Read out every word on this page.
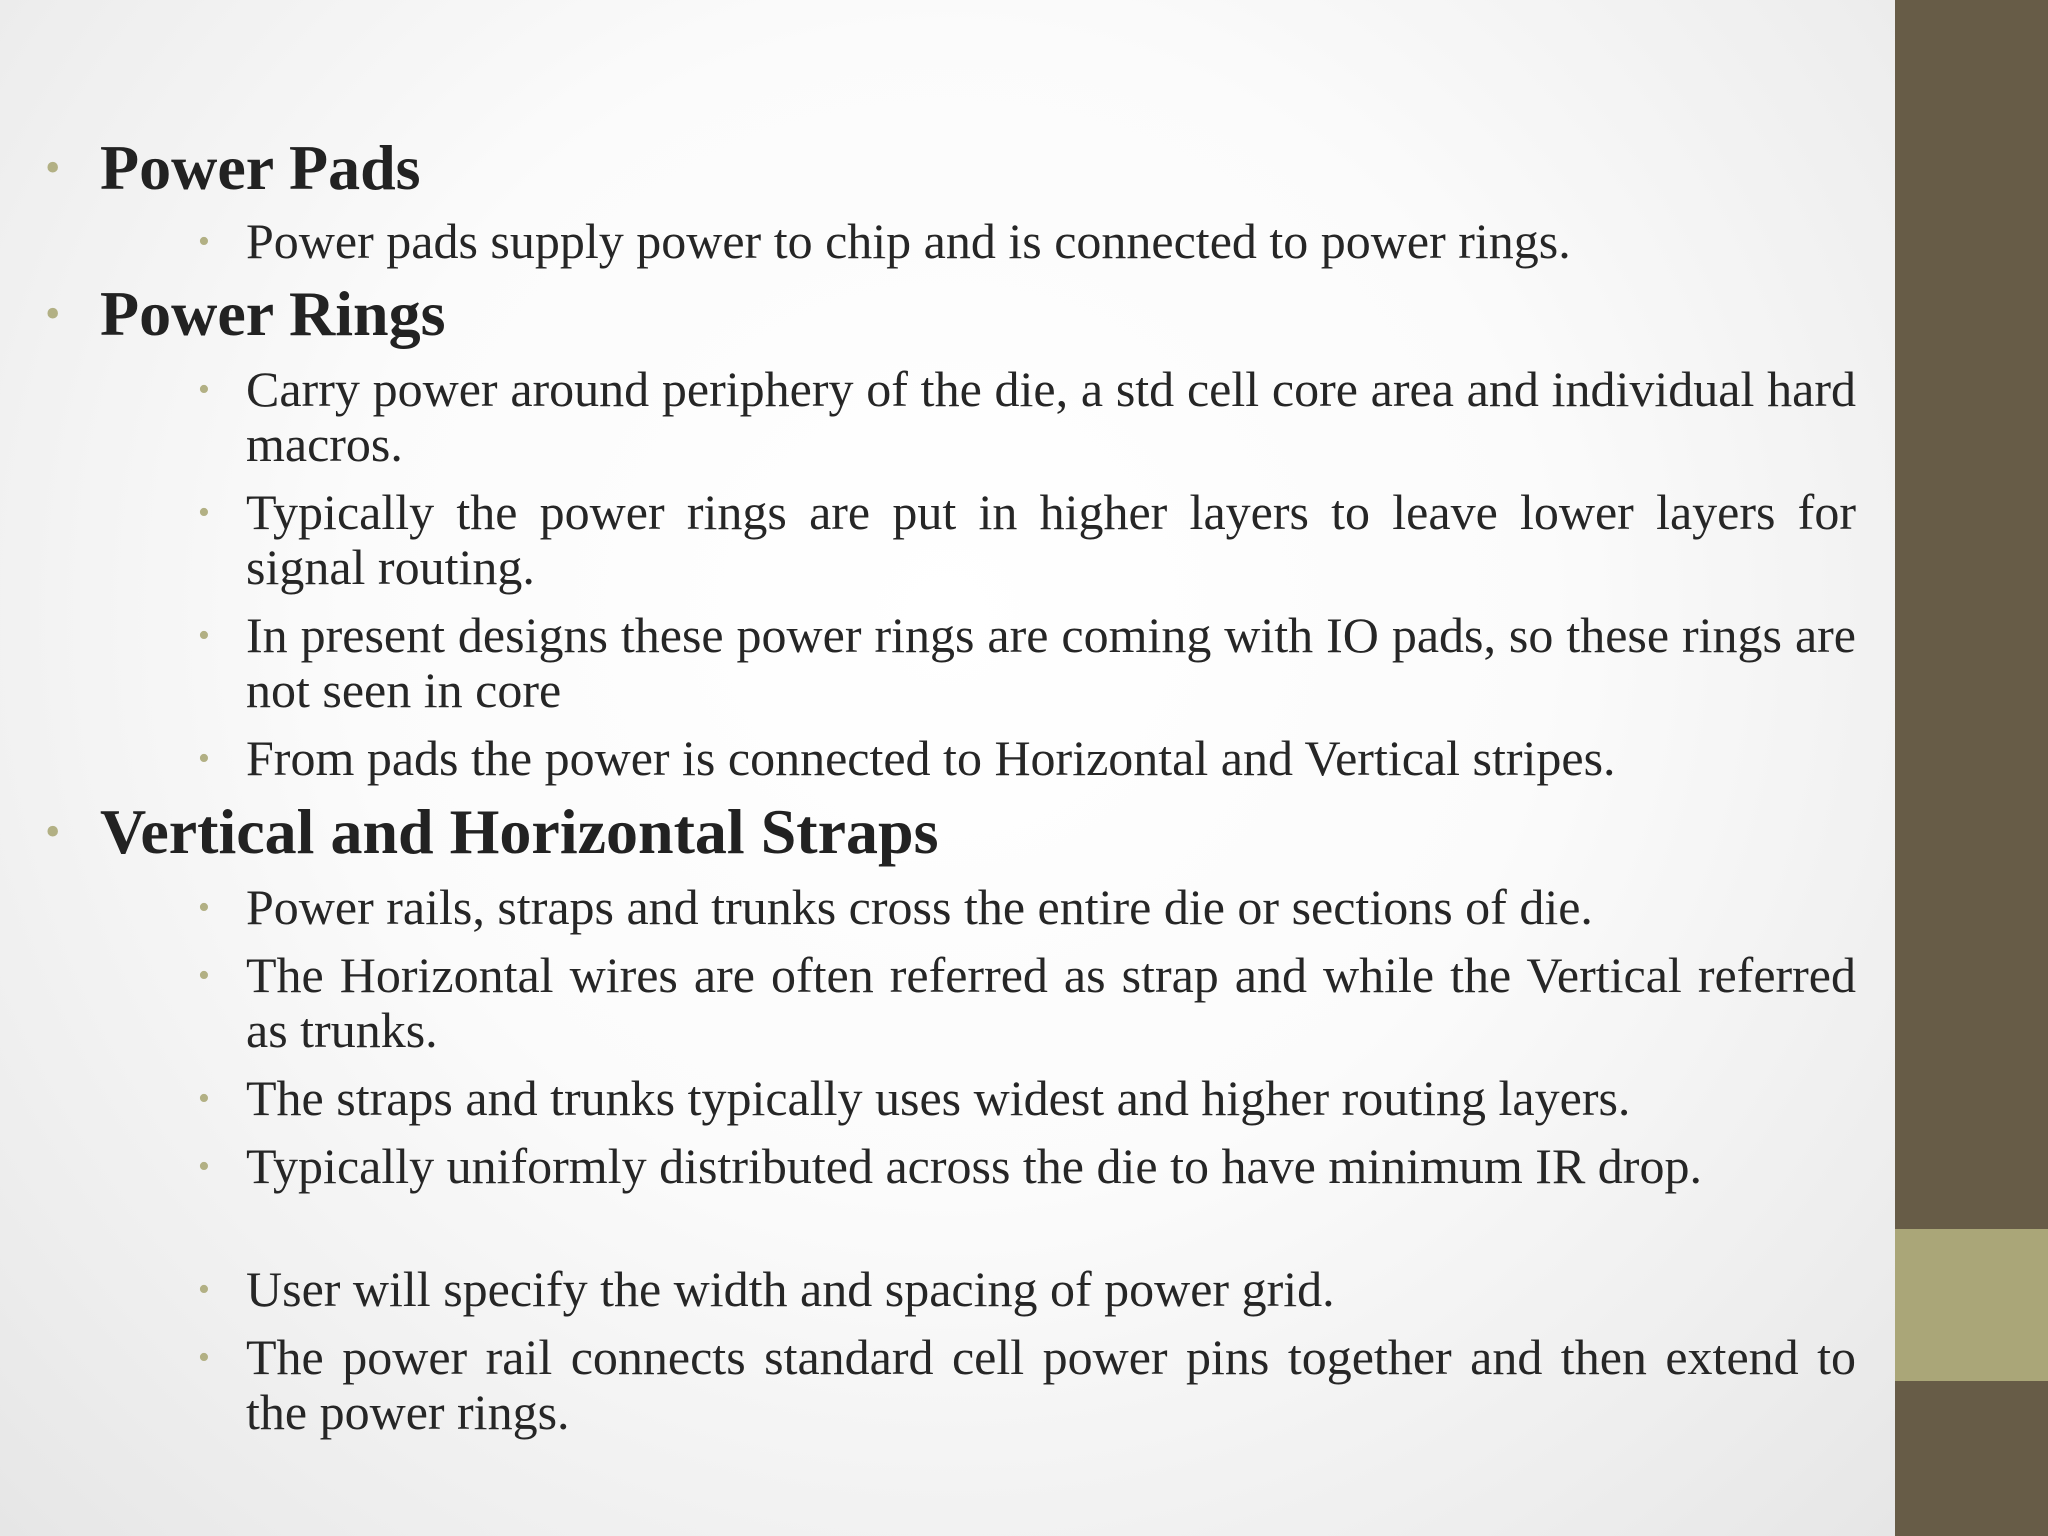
• Power Pads
• Power pads supply power to chip and is connected to power rings.
• Power Rings
• Carry power around periphery of the die, a std cell core area and individual hard macros.
• Typically the power rings are put in higher layers to leave lower layers for signal routing.
• In present designs these power rings are coming with IO pads, so these rings are not seen in core
• From pads the power is connected to Horizontal and Vertical stripes.
• Vertical and Horizontal Straps
• Power rails, straps and trunks cross the entire die or sections of die.
• The Horizontal wires are often referred as strap and while the Vertical referred as trunks.
• The straps and trunks typically uses widest and higher routing layers.
• Typically uniformly distributed across the die to have minimum IR drop.
• User will specify the width and spacing of power grid.
• The power rail connects standard cell power pins together and then extend to the power rings.
